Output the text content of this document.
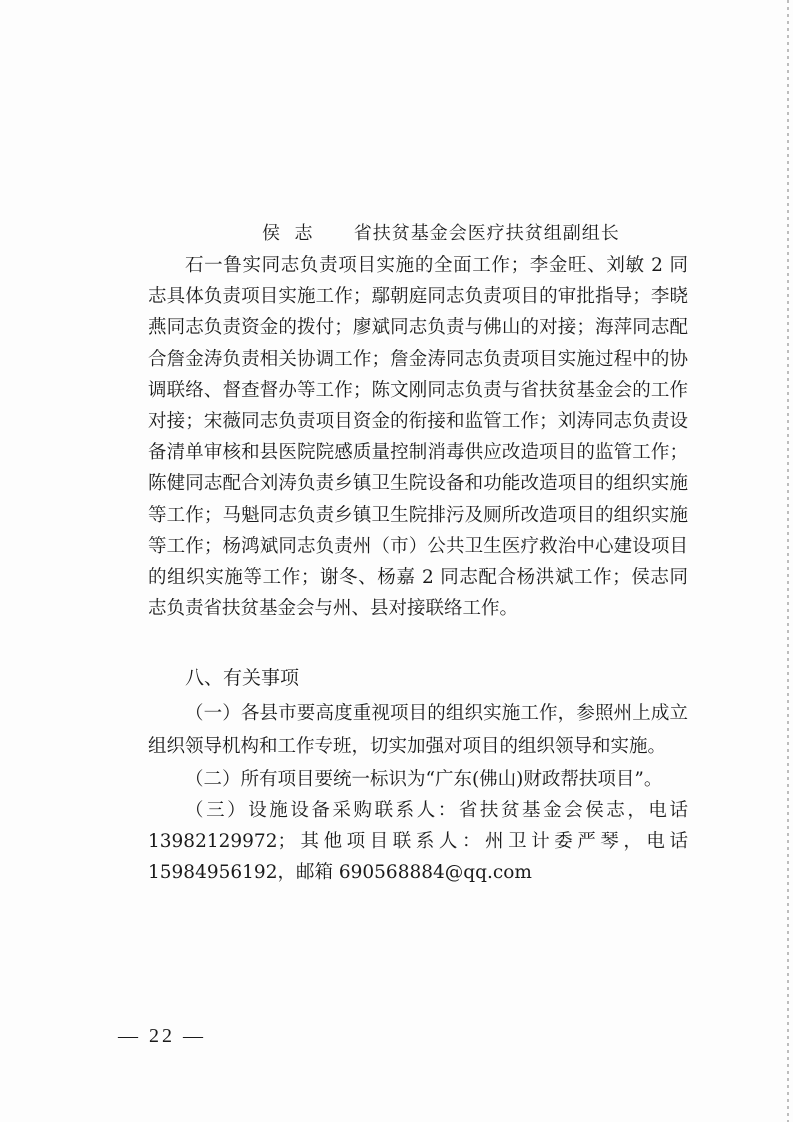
侯  志      省扶贫基金会医疗扶贫组副组长
石一鲁实同志负责项目实施的全面工作；李金旺、刘敏 2 同志具体负责项目实施工作；鄢朝庭同志负责项目的审批指导；李晓燕同志负责资金的拨付；廖斌同志负责与佛山的对接；海萍同志配合詹金涛负责相关协调工作；詹金涛同志负责项目实施过程中的协调联络、督查督办等工作；陈文刚同志负责与省扶贫基金会的工作对接；宋薇同志负责项目资金的衔接和监管工作；刘涛同志负责设备清单审核和县医院院感质量控制消毒供应改造项目的监管工作；陈健同志配合刘涛负责乡镇卫生院设备和功能改造项目的组织实施等工作；马魁同志负责乡镇卫生院排污及厕所改造项目的组织实施等工作；杨鸿斌同志负责州（市）公共卫生医疗救治中心建设项目的组织实施等工作；谢冬、杨嘉 2 同志配合杨洪斌工作；侯志同志负责省扶贫基金会与州、县对接联络工作。
八、有关事项
（一）各县市要高度重视项目的组织实施工作，参照州上成立组织领导机构和工作专班，切实加强对项目的组织领导和实施。
（二）所有项目要统一标识为“广东(佛山)财政帮扶项目”。
（三）设施设备采购联系人：省扶贫基金会侯志，电话13982129972；其他项目联系人：州卫计委严琴，电话 15984956192，邮箱 690568884@qq.com
— 22 —
